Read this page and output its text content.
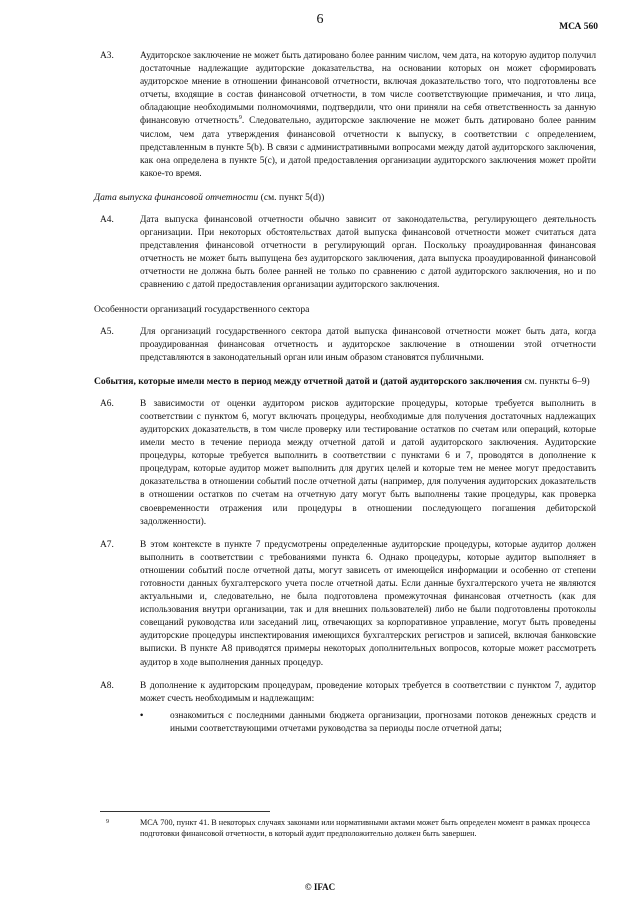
6	МСА 560
A3.	Аудиторское заключение не может быть датировано более ранним числом, чем дата, на которую аудитор получил достаточные надлежащие аудиторские доказательства, на основании которых он может сформировать аудиторское мнение в отношении финансовой отчетности, включая доказательство того, что подготовлены все отчеты, входящие в состав финансовой отчетности, в том числе соответствующие примечания, и что лица, обладающие необходимыми полномочиями, подтвердили, что они приняли на себя ответственность за данную финансовую отчетность$^9$. Следовательно, аудиторское заключение не может быть датировано более ранним числом, чем дата утверждения финансовой отчетности к выпуску, в соответствии с определением, представленным в пункте 5(b). В связи с административными вопросами между датой аудиторского заключения, как она определена в пункте 5(c), и датой предоставления организации аудиторского заключения может пройти какое-то время.
Дата выпуска финансовой отчетности (см. пункт 5(d))
A4.	Дата выпуска финансовой отчетности обычно зависит от законодательства, регулирующего деятельность организации. При некоторых обстоятельствах датой выпуска финансовой отчетности может считаться дата представления финансовой отчетности в регулирующий орган. Поскольку проаудированная финансовая отчетность не может быть выпущена без аудиторского заключения, дата выпуска проаудированной финансовой отчетности не должна быть более ранней не только по сравнению с датой аудиторского заключения, но и по сравнению с датой предоставления организации аудиторского заключения.
Особенности организаций государственного сектора
A5.	Для организаций государственного сектора датой выпуска финансовой отчетности может быть дата, когда проаудированная финансовая отчетность и аудиторское заключение в отношении этой отчетности представляются в законодательный орган или иным образом становятся публичными.
События, которые имели место в период между отчетной датой и (датой аудиторского заключения см. пункты 6–9)
A6.	В зависимости от оценки аудитором рисков аудиторские процедуры, которые требуется выполнить в соответствии с пунктом 6, могут включать процедуры, необходимые для получения достаточных надлежащих аудиторских доказательств, в том числе проверку или тестирование остатков по счетам или операций, которые имели место в течение периода между отчетной датой и датой аудиторского заключения. Аудиторские процедуры, которые требуется выполнить в соответствии с пунктами 6 и 7, проводятся в дополнение к процедурам, которые аудитор может выполнить для других целей и которые тем не менее могут предоставить доказательства в отношении событий после отчетной даты (например, для получения аудиторских доказательств в отношении остатков по счетам на отчетную дату могут быть выполнены такие процедуры, как проверка своевременности отражения или процедуры в отношении последующего погашения дебиторской задолженности).
A7.	В этом контексте в пункте 7 предусмотрены определенные аудиторские процедуры, которые аудитор должен выполнить в соответствии с требованиями пункта 6. Однако процедуры, которые аудитор выполняет в отношении событий после отчетной даты, могут зависеть от имеющейся информации и особенно от степени готовности данных бухгалтерского учета после отчетной даты. Если данные бухгалтерского учета не являются актуальными и, следовательно, не была подготовлена промежуточная финансовая отчетность (как для использования внутри организации, так и для внешних пользователей) либо не были подготовлены протоколы совещаний руководства или заседаний лиц, отвечающих за корпоративное управление, могут быть проведены аудиторские процедуры инспектирования имеющихся бухгалтерских регистров и записей, включая банковские выписки. В пункте А8 приводятся примеры некоторых дополнительных вопросов, которые может рассмотреть аудитор в ходе выполнения данных процедур.
A8.	В дополнение к аудиторским процедурам, проведение которых требуется в соответствии с пунктом 7, аудитор может счесть необходимым и надлежащим:
•	ознакомиться с последними данными бюджета организации, прогнозами потоков денежных средств и иными соответствующими отчетами руководства за периоды после отчетной даты;
9	МСА 700, пункт 41. В некоторых случаях законами или нормативными актами может быть определен момент в рамках процесса подготовки финансовой отчетности, в который аудит предположительно должен быть завершен.
© IFAC
